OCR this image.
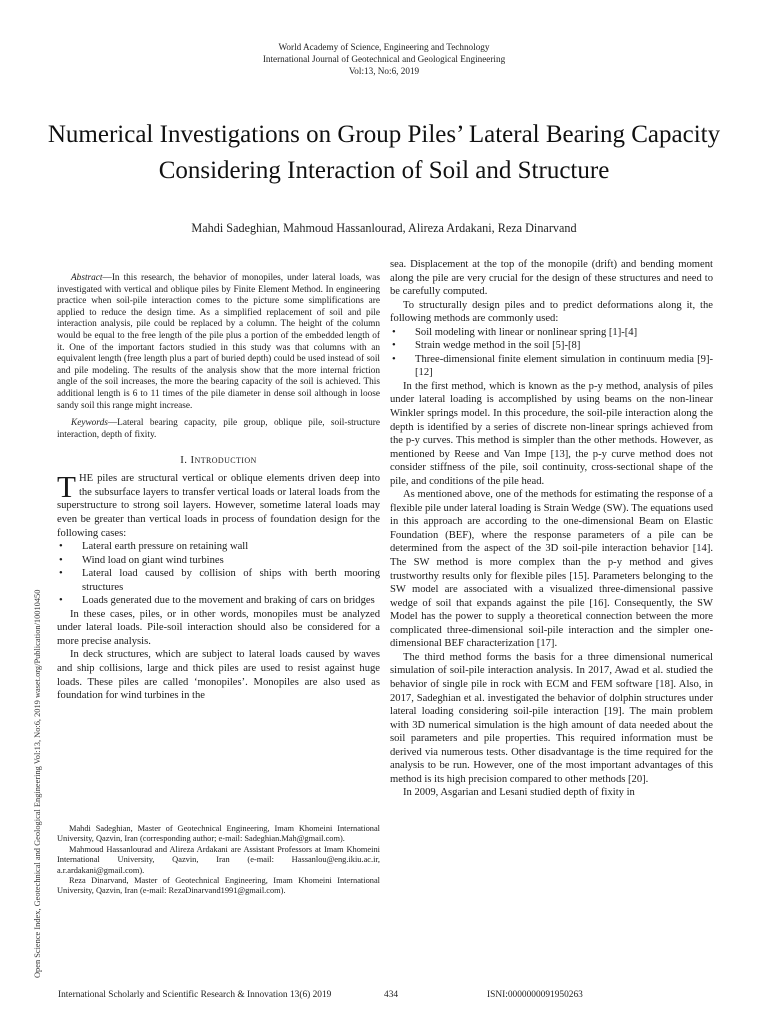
World Academy of Science, Engineering and Technology
International Journal of Geotechnical and Geological Engineering
Vol:13, No:6, 2019
Numerical Investigations on Group Piles’ Lateral Bearing Capacity Considering Interaction of Soil and Structure
Mahdi Sadeghian, Mahmoud Hassanlourad, Alireza Ardakani, Reza Dinarvand
Open Science Index, Geotechnical and Geological Engineering Vol:13, No:6, 2019 waset.org/Publication/10010450

Abstract—In this research, the behavior of monopiles, under lateral loads, was investigated with vertical and oblique piles by Finite Element Method. In engineering practice when soil-pile interaction comes to the picture some simplifications are applied to reduce the design time. As a simplified replacement of soil and pile interaction analysis, pile could be replaced by a column. The height of the column would be equal to the free length of the pile plus a portion of the embedded length of it. One of the important factors studied in this study was that columns with an equivalent length (free length plus a part of buried depth) could be used instead of soil and pile modeling. The results of the analysis show that the more internal friction angle of the soil increases, the more the bearing capacity of the soil is achieved. This additional length is 6 to 11 times of the pile diameter in dense soil although in loose sandy soil this range might increase.

Keywords—Lateral bearing capacity, pile group, oblique pile, soil-structure interaction, depth of fixity.

I. Introduction

THE piles are structural vertical or oblique elements driven deep into the subsurface layers to transfer vertical loads or lateral loads from the superstructure to strong soil layers. However, sometime lateral loads may even be greater than vertical loads in process of foundation design for the following cases:

• Lateral earth pressure on retaining wall
• Wind load on giant wind turbines
• Lateral load caused by collision of ships with berth mooring structures
• Loads generated due to the movement and braking of cars on bridges

In these cases, piles, or in other words, monopiles must be analyzed under lateral loads. Pile-soil interaction should also be considered for a more precise analysis.

In deck structures, which are subject to lateral loads caused by waves and ship collisions, large and thick piles are used to resist against huge loads. These piles are called ‘monopiles’. Monopiles are also used as foundation for wind turbines in the

Mahdi Sadeghian, Master of Geotechnical Engineering, Imam Khomeini International University, Qazvin, Iran (corresponding author; e-mail: Sadeghian.Mah@gmail.com).

Mahmoud Hassanlourad and Alireza Ardakani are Assistant Professors at Imam Khomeini International University, Qazvin, Iran (e-mail: Hassanlou@eng.ikiu.ac.ir, a.r.ardakani@gmail.com).

Reza Dinarvand, Master of Geotechnical Engineering, Imam Khomeini International University, Qazvin, Iran (e-mail: RezaDinarvand1991@gmail.com).

sea. Displacement at the top of the monopile (drift) and bending moment along the pile are very crucial for the design of these structures and need to be carefully computed.

To structurally design piles and to predict deformations along it, the following methods are commonly used:

• Soil modeling with linear or nonlinear spring [1]-[4]
• Strain wedge method in the soil [5]-[8]
• Three-dimensional finite element simulation in continuum media [9]-[12]

In the first method, which is known as the p-y method, analysis of piles under lateral loading is accomplished by using beams on the non-linear Winkler springs model. In this procedure, the soil-pile interaction along the depth is identified by a series of discrete non-linear springs achieved from the p-y curves. This method is simpler than the other methods. However, as mentioned by Reese and Van Impe [13], the p-y curve method does not consider stiffness of the pile, soil continuity, cross-sectional shape of the pile, and conditions of the pile head.

As mentioned above, one of the methods for estimating the response of a flexible pile under lateral loading is Strain Wedge (SW). The equations used in this approach are according to the one-dimensional Beam on Elastic Foundation (BEF), where the response parameters of a pile can be determined from the aspect of the 3D soil-pile interaction behavior [14]. The SW method is more complex than the p-y method and gives trustworthy results only for flexible piles [15]. Parameters belonging to the SW model are associated with a visualized three-dimensional passive wedge of soil that expands against the pile [16]. Consequently, the SW Model has the power to supply a theoretical connection between the more complicated three-dimensional soil-pile interaction and the simpler one-dimensional BEF characterization [17].

The third method forms the basis for a three dimensional numerical simulation of soil-pile interaction analysis. In 2017, Awad et al. studied the behavior of single pile in rock with ECM and FEM software [18]. Also, in 2017, Sadeghian et al. investigated the behavior of dolphin structures under lateral loading considering soil-pile interaction [19]. The main problem with 3D numerical simulation is the high amount of data needed about the soil parameters and pile properties. This required information must be derived via numerous tests. Other disadvantage is the time required for the analysis to be run. However, one of the most important advantages of this method is its high precision compared to other methods [20].

In 2009, Asgarian and Lesani studied depth of fixity in

International Scholarly and Scientific Research & Innovation 13(6) 2019	434	ISNI:0000000091950263
